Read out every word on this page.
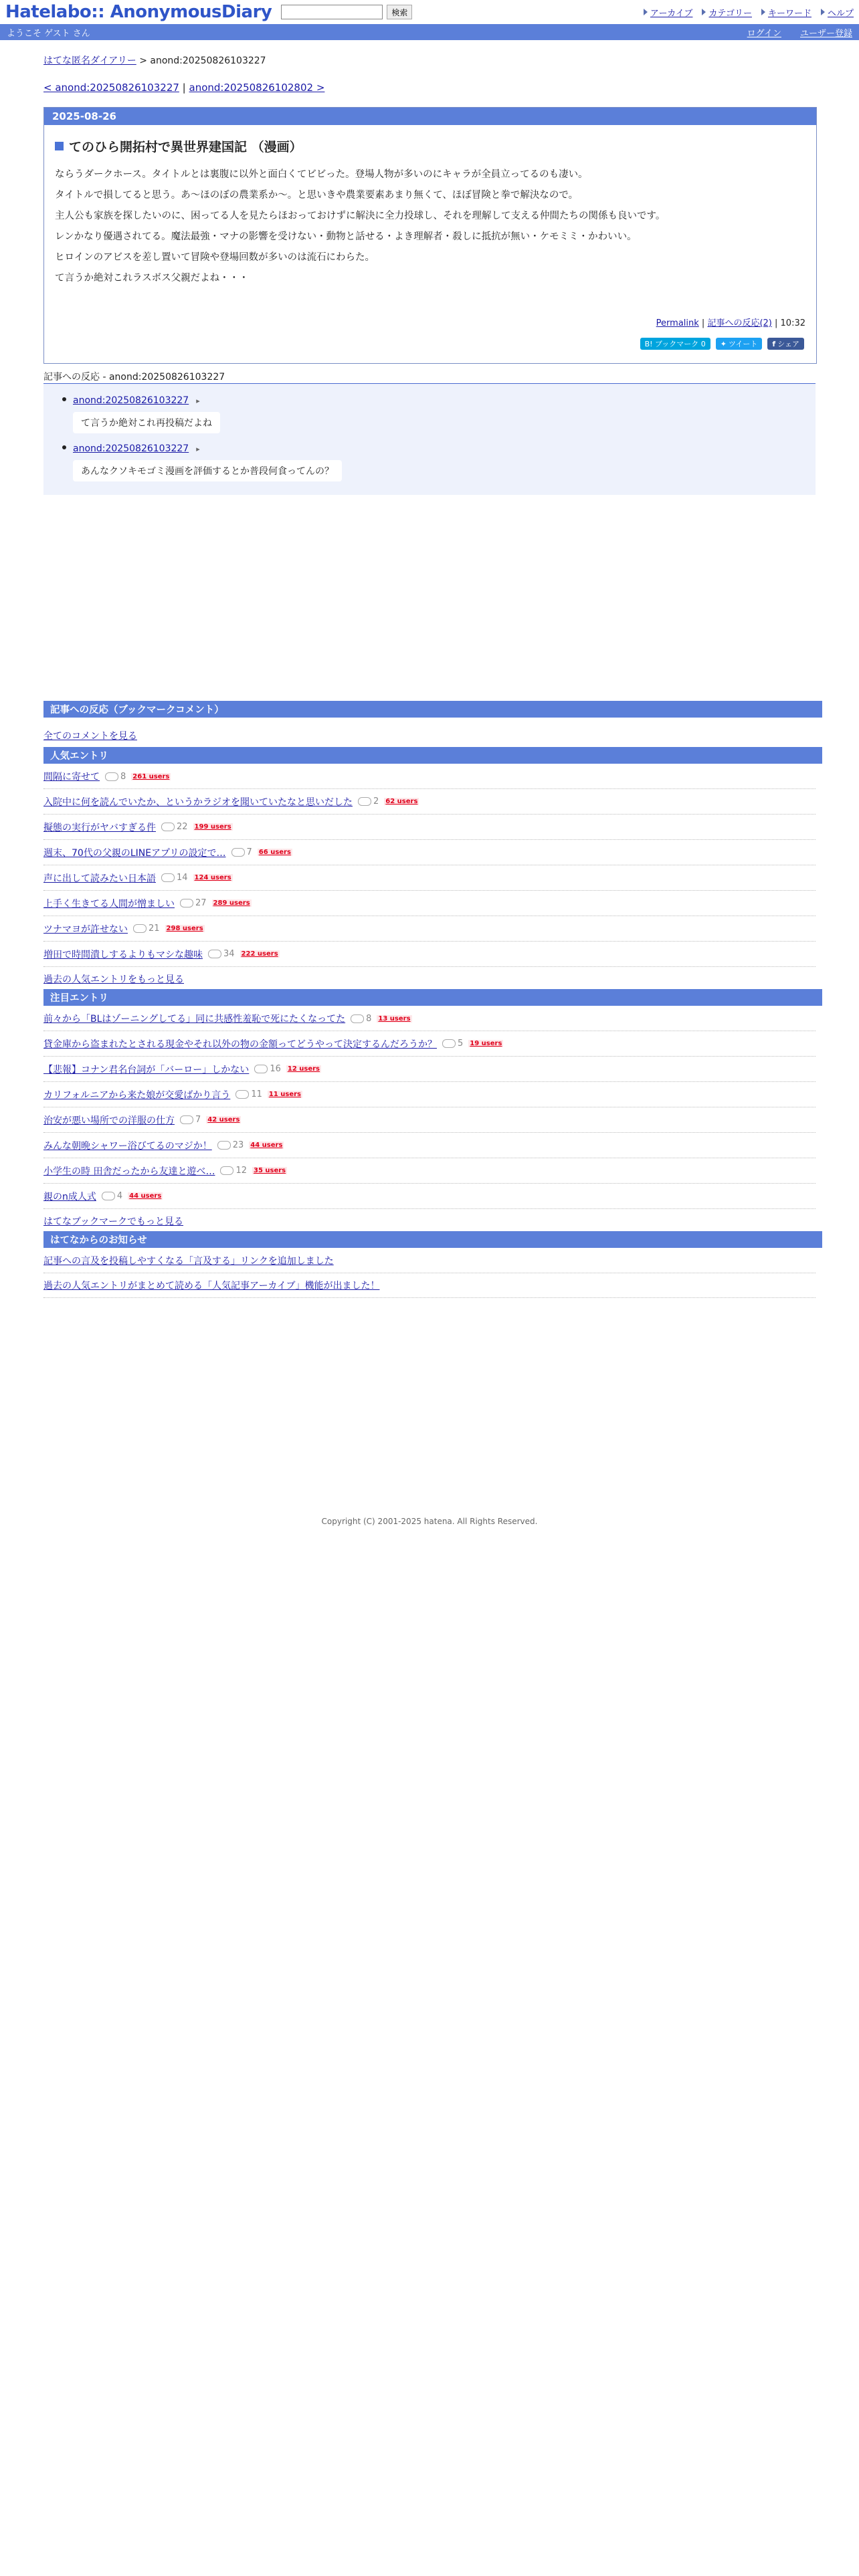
Hatelabo:: AnonymousDiary	検索	アーカイブ カテゴリー キーワード ヘルプ
ようこそ ゲスト さん	ログイン ユーザー登録
はてな匿名ダイアリー > anond:20250826103227
< anond:20250826103227 | anond:20250826102802 >
2025-08-26
てのひら開拓村で異世界建国記 （漫画）

ならうダークホース。タイトルとは裏腹に以外と面白くてビビった。登場人物が多いのにキャラが全員立ってるのも凄い。

タイトルで損してると思う。あ〜ほのぼの農業系か〜。と思いきや農業要素あまり無くて、ほぼ冒険と拳で解決なので。

主人公も家族を探したいのに、困ってる人を見たらほおっておけずに解決に全力投球し、それを理解して支える仲間たちの関係も良いです。

レンかなり優遇されてる。魔法最強・マナの影響を受けない・動物と話せる・よき理解者・殺しに抵抗が無い・ケモミミ・かわいい。

ヒロインのアビスを差し置いて冒険や登場回数が多いのは流石にわらた。

て言うか絶対これラスボス父親だよね・・・

Permalink | 記事への反応(2) | 10:32
B! ブックマーク 0	✦ ツイート f シェア
記事への反応 - anond:20250826103227
anond:20250826103227 ▸
て言うか絶対これ再投稿だよね
anond:20250826103227 ▸
あんなクソキモゴミ漫画を評価するとか普段何食ってんの？
記事への反応（ブックマークコメント）
全てのコメントを見る
人気エントリ
間隔に寄せて 8 261 users
入院中に何を読んでいたか、というかラジオを聞いていたなと思いだした 2 62 users
擬態の実行がヤバすぎる件 22 199 users
週末、70代の父親のLINEアプリの設定で… 7 66 users
声に出して読みたい日本語 14 124 users
上手く生きてる人間が憎ましい 27 289 users
ツナマヨが許せない 21 298 users
増田で時間潰しするよりもマシな趣味 34 222 users
過去の人気エントリをもっと見る
注目エントリ
前々から「BLはゾーニングしてる」同に共感性羞恥で死にたくなってた 8 13 users
貸金庫から盗まれたとされる現金やそれ以外の物の金額ってどうやって決定するんだろうか？ 5 19 users
【悲報】コナン君名台詞が「バーロー」しかない 16 12 users
カリフォルニアから来た娘が交愛ばかり言う 11 11 users
治安が悪い場所での洋服の仕方 7 42 users
みんな朝晩シャワー浴びてるのマジか！ 23 44 users
小学生の時 田舎だったから友達と遊べ… 12 35 users
親のn成人式 4 44 users
はてなブックマークでもっと見る
はてなからのお知らせ
記事への言及を投稿しやすくなる「言及する」リンクを追加しました
過去の人気エントリがまとめて読める「人気記事アーカイブ」機能が出ました！
Copyright (C) 2001-2025 hatena. All Rights Reserved.
